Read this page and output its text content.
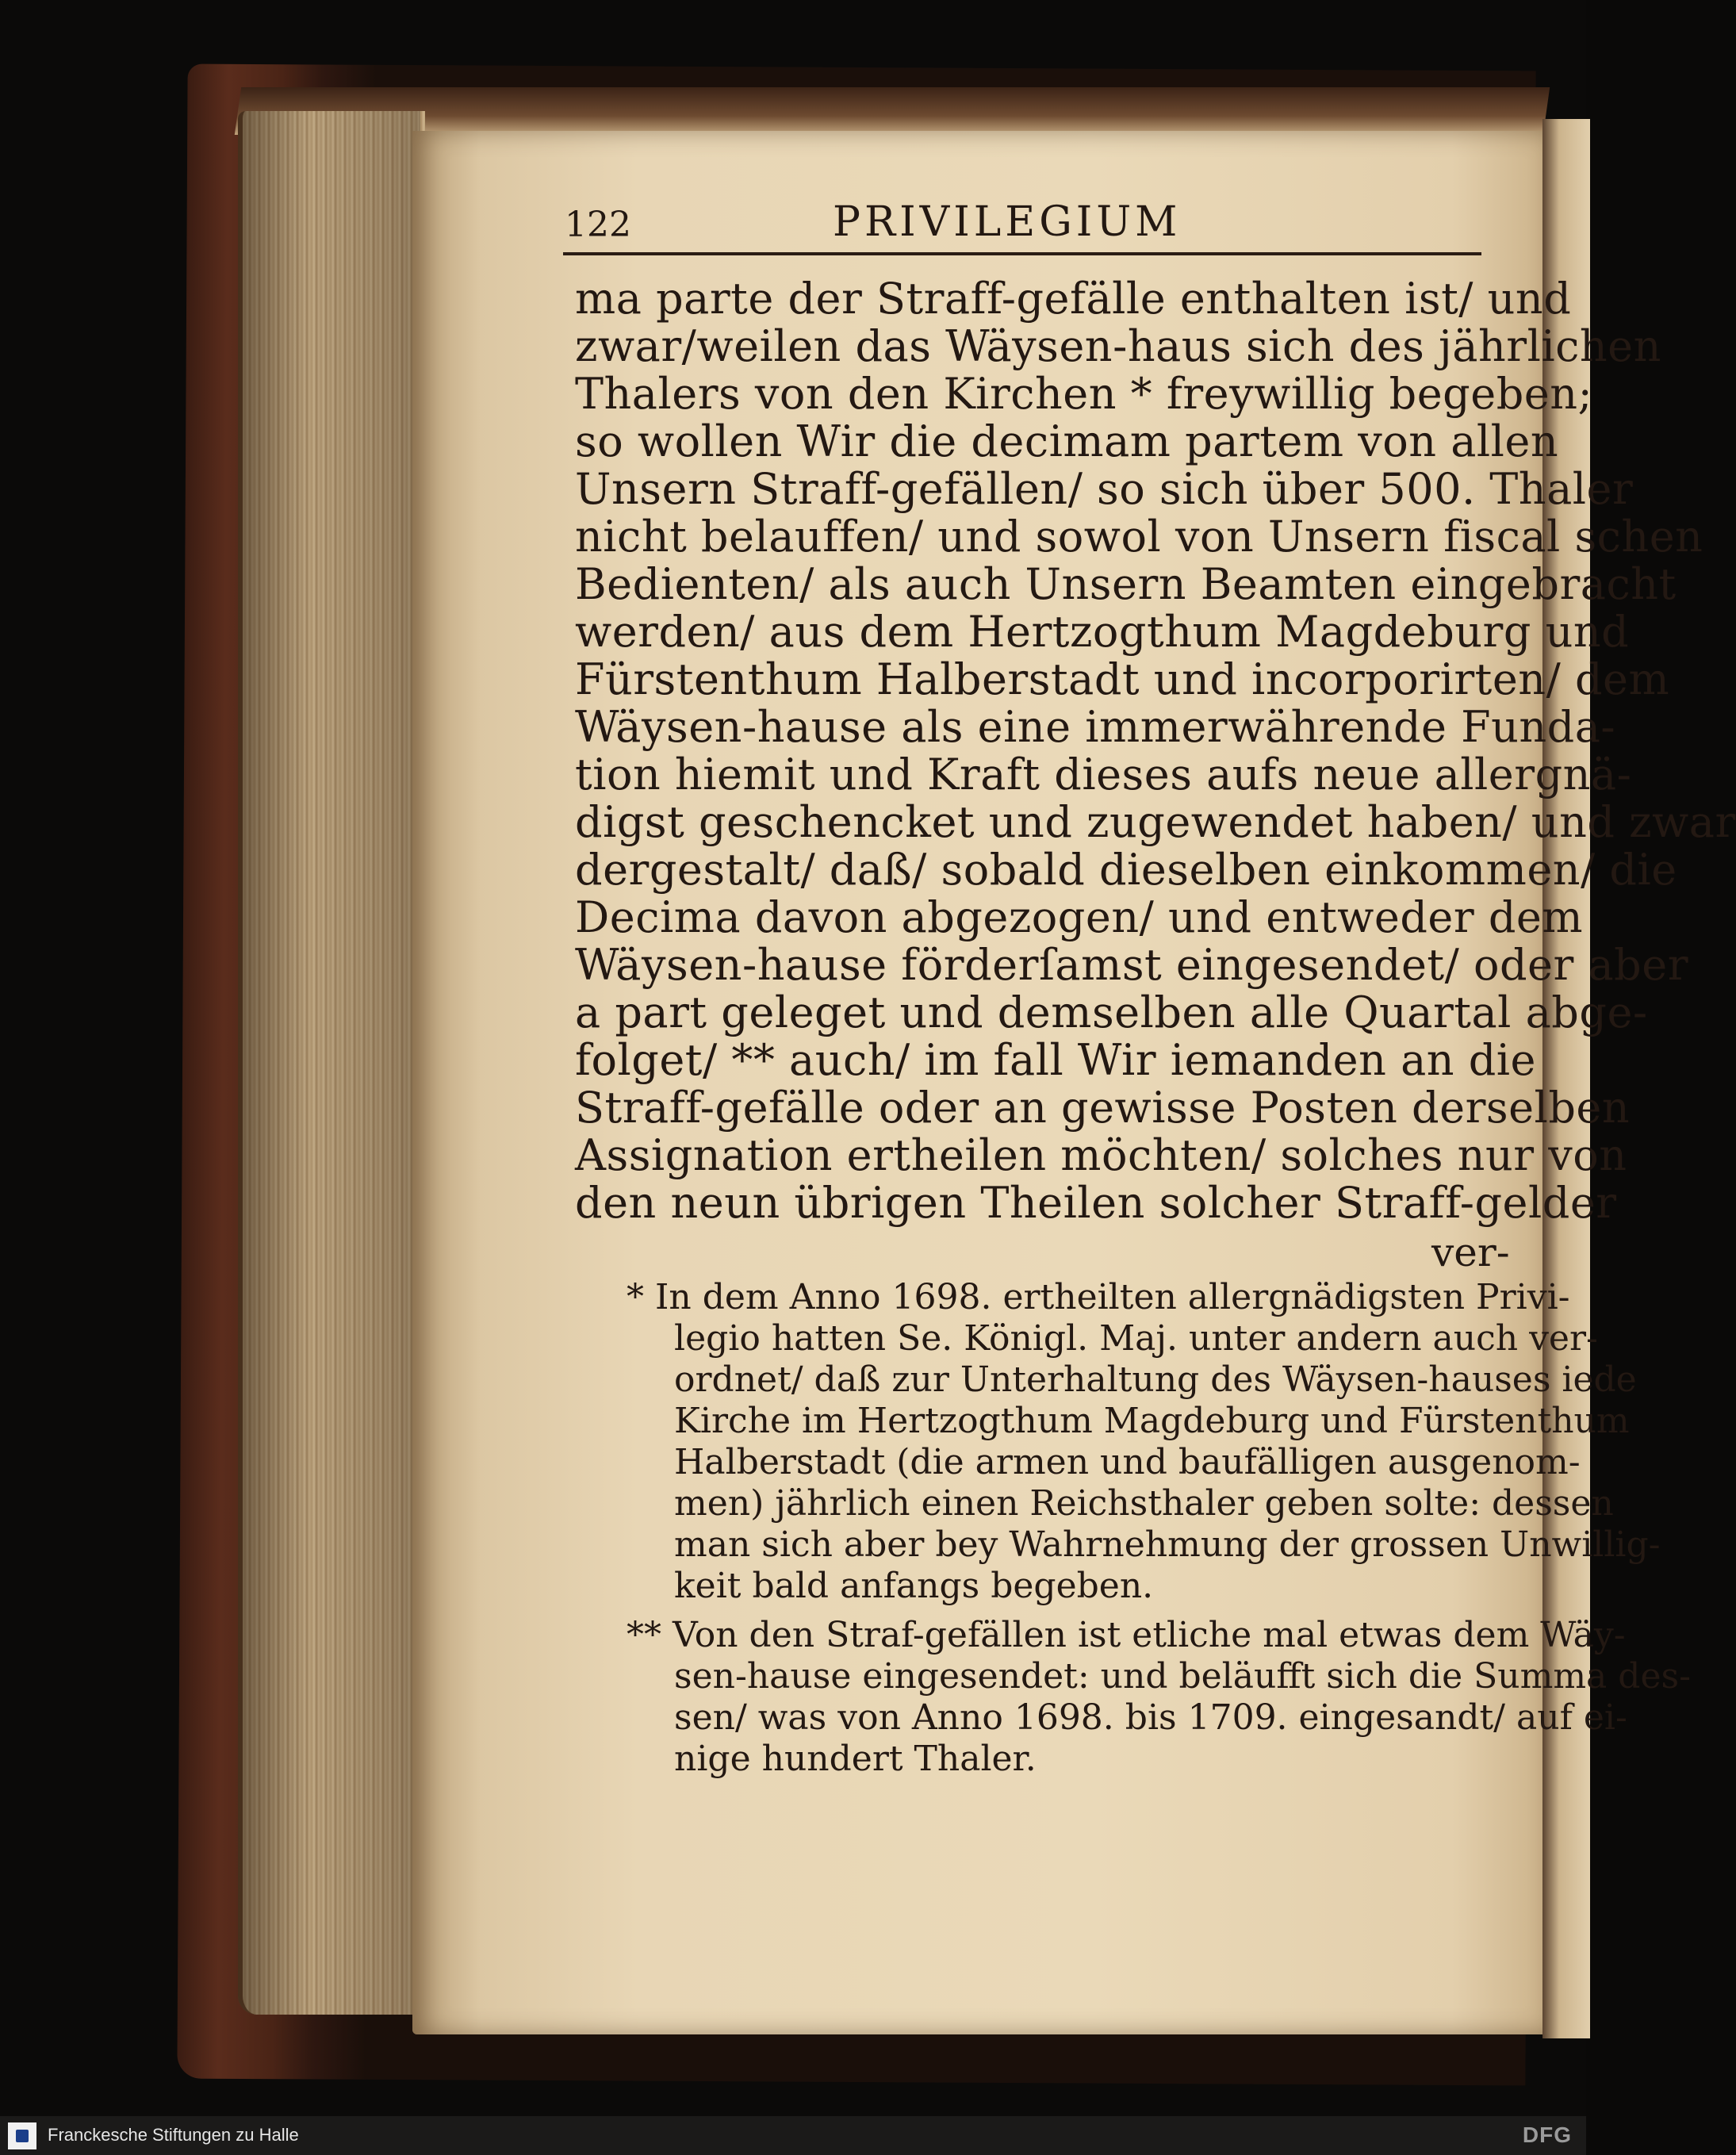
122	PRIVILEGIUM
ma parte der Straff-gefälle enthalten ist/ und
zwar/weilen das Wäysen-haus sich des jährlichen
Thalers von den Kirchen * freywillig begeben;
so wollen Wir die decimam partem von allen
Unsern Straff-gefällen/ so sich über 500. Thaler
nicht belauffen/ und sowol von Unsern fiscal schen
Bedienten/ als auch Unsern Beamten eingebracht
werden/ aus dem Hertzogthum Magdeburg und
Fürstenthum Halberstadt und incorporirten/ dem
Wäysen-hause als eine immerwährende Funda-
tion hiemit und Kraft dieses aufs neue allergnä-
digst geschencket und zugewendet haben/ und zwar
dergestalt/ daß/ sobald dieselben einkommen/ die
Decima davon abgezogen/ und entweder dem
Wäysen-hause förderſamst eingesendet/ oder aber
a part geleget und demselben alle Quartal abge-
folget/ ** auch/ im fall Wir iemanden an die
Straff-gefälle oder an gewisse Posten derselben
Assignation ertheilen möchten/ solches nur von
den neun übrigen Theilen solcher Straff-gelder
ver-
* In dem Anno 1698. ertheilten allergnädigsten Privi-
legio hatten Se. Königl. Maj. unter andern auch ver-
ordnet/ daß zur Unterhaltung des Wäysen-hauses iede
Kirche im Hertzogthum Magdeburg und Fürstenthum
Halberstadt (die armen und baufälligen ausgenom-
men) jährlich einen Reichsthaler geben solte: dessen
man sich aber bey Wahrnehmung der grossen Unwillig-
keit bald anfangs begeben.
** Von den Straf-gefällen ist etliche mal etwas dem Wäy-
sen-hause eingesendet: und beläufft sich die Summa des-
sen/ was von Anno 1698. bis 1709. eingesandt/ auf ei-
nige hundert Thaler.
Franckesche Stiftungen zu Halle	DFG
